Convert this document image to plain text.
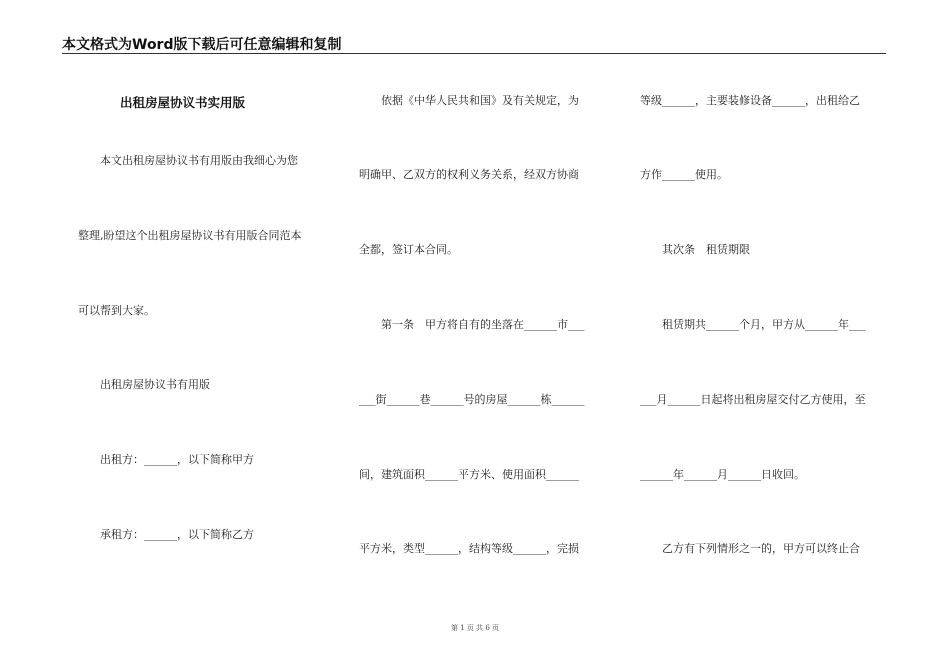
本文格式为Word版下载后可任意编辑和复制
出租房屋协议书实用版
本文出租房屋协议书有用版由我细心为您
整理,盼望这个出租房屋协议书有用版合同范本
可以帮到大家。
出租房屋协议书有用版
出租方：______，以下简称甲方
承租方：______，以下简称乙方
依据《中华人民共和国》及有关规定，为
明确甲、乙双方的权利义务关系，经双方协商
全都，签订本合同。
第一条　甲方将自有的坐落在______市___
___街______巷______号的房屋______栋______
间，建筑面积______平方米、使用面积______
平方米，类型______，结构等级______，完损
等级______，主要装修设备______，出租给乙
方作______使用。
其次条　租赁期限
租赁期共______个月，甲方从______年___
___月______日起将出租房屋交付乙方使用，至
______年______月______日收回。
乙方有下列情形之一的，甲方可以终止合
第 1 页 共 6 页
